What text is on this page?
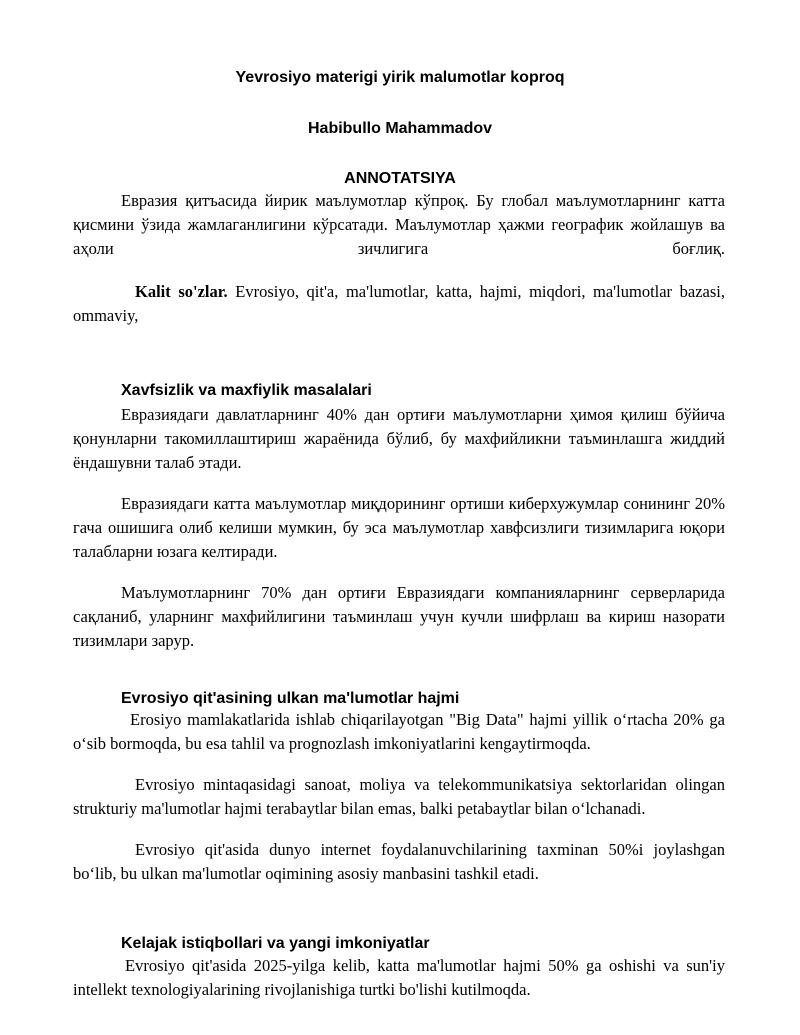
Yevrosiyo materigi yirik malumotlar koproq
Habibullo Mahammadov
ANNOTATSIYA

Евразия қитъасида йирик маълумотлар кўпроқ. Бу глобал маълумотларнинг катта қисмини ўзида жамлаганлигини кўрсатади. Маълумотлар ҳажми географик жойлашув ва аҳоли зичлигига боғлиқ.

Kalit so'zlar. Evrosiyo, qit'a, ma'lumotlar, katta, hajmi, miqdori, ma'lumotlar bazasi, ommaviy,

Xavfsizlik va maxfiylik masalalari

Евразиядаги давлатларнинг 40% дан ортиғи маълумотларни ҳимоя қилиш бўйича қонунларни такомиллаштириш жараёнида бўлиб, бу махфийликни таъминлашга жиддий ёндашувни талаб этади.

Евразиядаги катта маълумотлар миқдорининг ортиши киберхужумлар сонининг 20% гача ошишига олиб келиши мумкин, бу эса маълумотлар хавфсизлиги тизимларига юқори талабларни юзага келтиради.

Маълумотларнинг 70% дан ортиғи Евразиядаги компанияларнинг серверларида сақланиб, уларнинг махфийлигини таъминлаш учун кучли шифрлаш ва кириш назорати тизимлари зарур.

Evrosiyo qit'asining ulkan ma'lumotlar hajmi

Erosiyo mamlakatlarida ishlab chiqarilayotgan "Big Data" hajmi yillik o‘rtacha 20% ga o‘sib bormoqda, bu esa tahlil va prognozlash imkoniyatlarini kengaytirmoqda.

Evrosiyo mintaqasidagi sanoat, moliya va telekommunikatsiya sektorlaridan olingan strukturiy ma'lumotlar hajmi terabaytlar bilan emas, balki petabaytlar bilan o‘lchanadi.

Evrosiyo qit'asida dunyo internet foydalanuvchilarining taxminan 50%i joylashgan bo‘lib, bu ulkan ma'lumotlar oqimining asosiy manbasini tashkil etadi.

Kelajak istiqbollari va yangi imkoniyatlar

Evrosiyo qit'asida 2025-yilga kelib, katta ma'lumotlar hajmi 50% ga oshishi va sun'iy intellekt texnologiyalarining rivojlanishiga turtki bo'lishi kutilmoqda.
